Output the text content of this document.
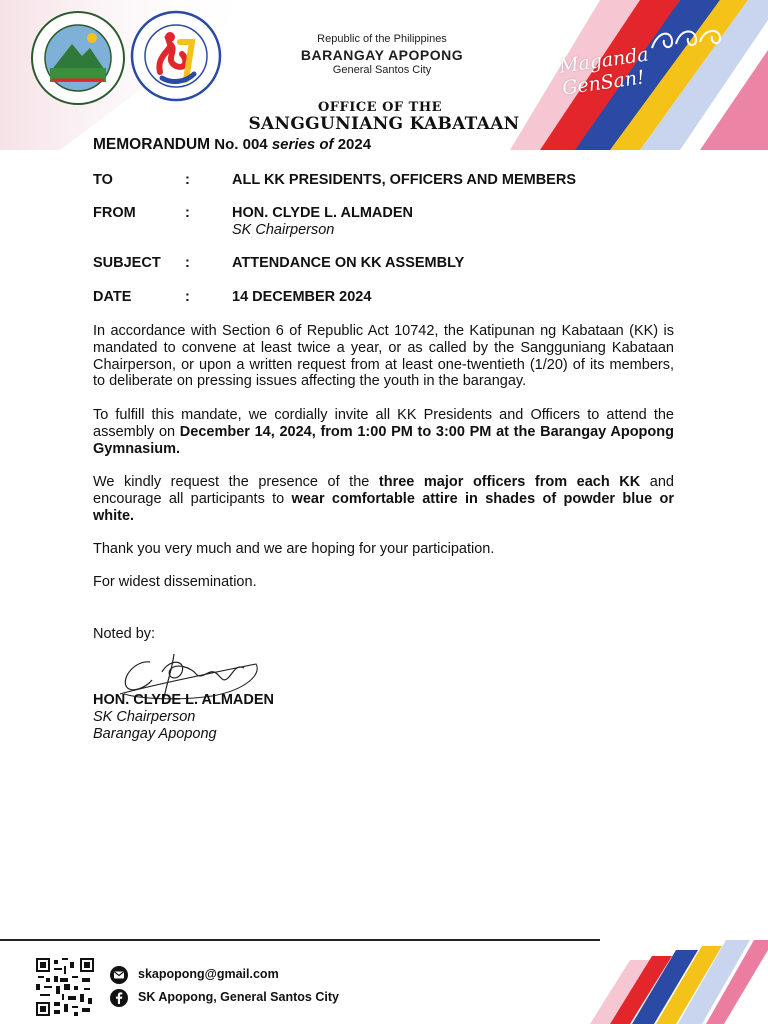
Republic of the Philippines
BARANGAY APOPONG
General Santos City
OFFICE OF THE
SANGGUNIANG KABATAAN
Maganda GenSan!
MEMORANDUM No. 004 series of 2024
TO	:	ALL KK PRESIDENTS, OFFICERS AND MEMBERS
FROM	:	HON. CLYDE L. ALMADEN
SK Chairperson
SUBJECT :	ATTENDANCE ON KK ASSEMBLY
DATE	:	14 DECEMBER 2024
In accordance with Section 6 of Republic Act 10742, the Katipunan ng Kabataan (KK) is mandated to convene at least twice a year, or as called by the Sangguniang Kabataan Chairperson, or upon a written request from at least one-twentieth (1/20) of its members, to deliberate on pressing issues affecting the youth in the barangay.
To fulfill this mandate, we cordially invite all KK Presidents and Officers to attend the assembly on December 14, 2024, from 1:00 PM to 3:00 PM at the Barangay Apopong Gymnasium.
We kindly request the presence of the three major officers from each KK and encourage all participants to wear comfortable attire in shades of powder blue or white.
Thank you very much and we are hoping for your participation.
For widest dissemination.
Noted by:
HON. CLYDE L. ALMADEN
SK Chairperson
Barangay Apopong
skapopong@gmail.com
SK Apopong, General Santos City
